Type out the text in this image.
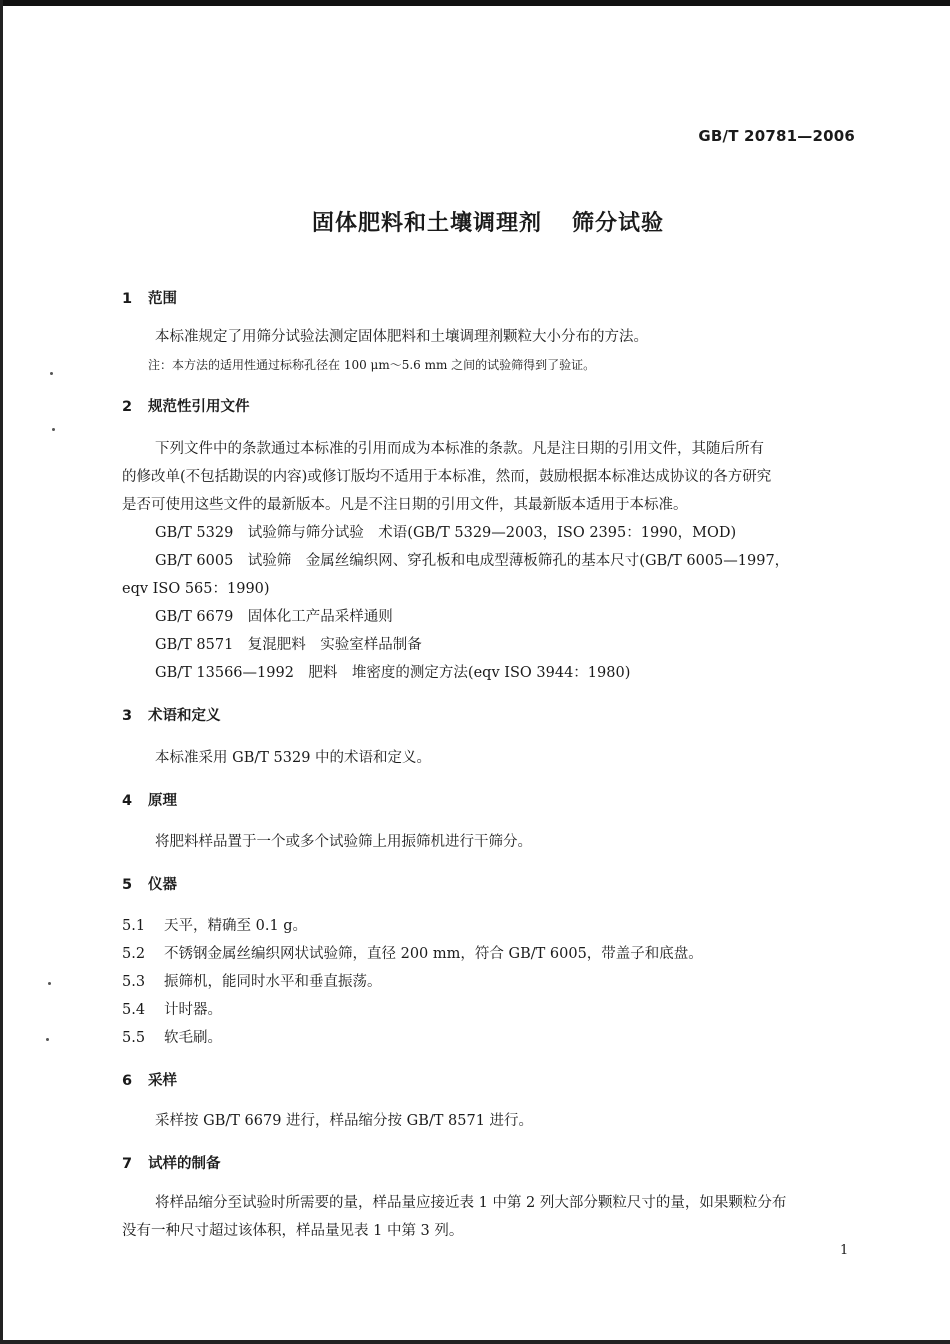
GB/T 20781—2006
固体肥料和土壤调理剂 筛分试验
1 范围
本标准规定了用筛分试验法测定固体肥料和土壤调理剂颗粒大小分布的方法。
注：本方法的适用性通过标称孔径在 100 μm～5.6 mm 之间的试验筛得到了验证。
2 规范性引用文件
下列文件中的条款通过本标准的引用而成为本标准的条款。凡是注日期的引用文件，其随后所有
的修改单(不包括勘误的内容)或修订版均不适用于本标准，然而，鼓励根据本标准达成协议的各方研究
是否可使用这些文件的最新版本。凡是不注日期的引用文件，其最新版本适用于本标准。
GB/T 5329　试验筛与筛分试验　术语(GB/T 5329—2003，ISO 2395：1990，MOD)
GB/T 6005　试验筛　金属丝编织网、穿孔板和电成型薄板筛孔的基本尺寸(GB/T 6005—1997，
eqv ISO 565：1990)
GB/T 6679　固体化工产品采样通则
GB/T 8571　复混肥料　实验室样品制备
GB/T 13566—1992　肥料　堆密度的测定方法(eqv ISO 3944：1980)
3 术语和定义
本标准采用 GB/T 5329 中的术语和定义。
4 原理
将肥料样品置于一个或多个试验筛上用振筛机进行干筛分。
5 仪器
5.1 天平，精确至 0.1 g。
5.2 不锈钢金属丝编织网状试验筛，直径 200 mm，符合 GB/T 6005，带盖子和底盘。
5.3 振筛机，能同时水平和垂直振荡。
5.4 计时器。
5.5 软毛刷。
6 采样
采样按 GB/T 6679 进行，样品缩分按 GB/T 8571 进行。
7 试样的制备
将样品缩分至试验时所需要的量，样品量应接近表 1 中第 2 列大部分颗粒尺寸的量，如果颗粒分布
没有一种尺寸超过该体积，样品量见表 1 中第 3 列。
1
